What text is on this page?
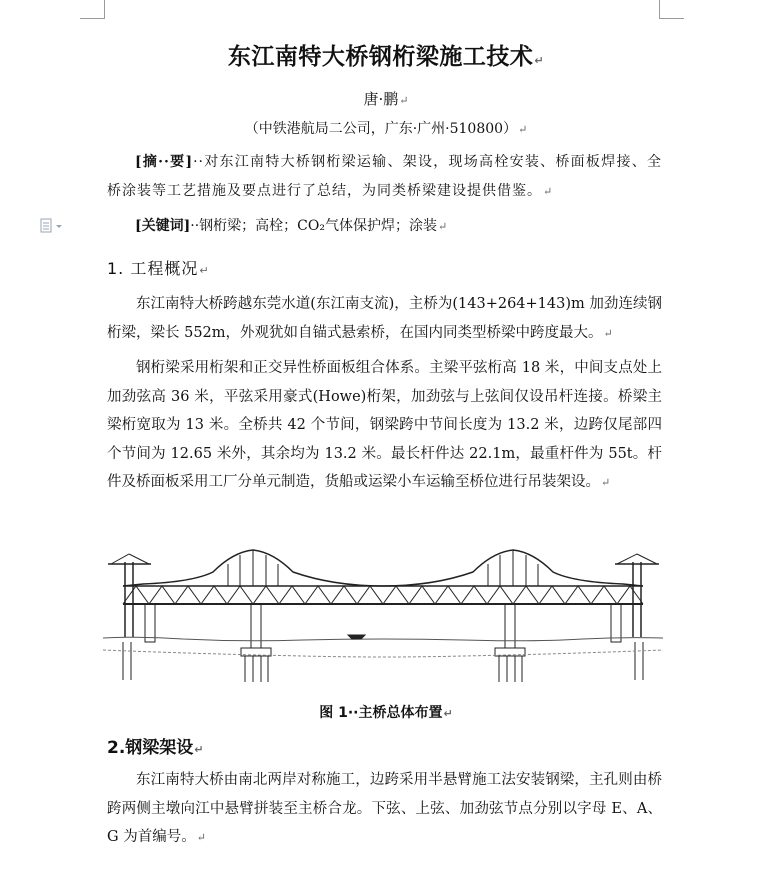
东江南特大桥钢桁梁施工技术↵
唐·鹏↵
（中铁港航局二公司，广东·广州·510800）↵
[摘··要]··对东江南特大桥钢桁梁运输、架设，现场高栓安装、桥面板焊接、全桥涂装等工艺措施及要点进行了总结，为同类桥梁建设提供借鉴。↵
[关键词]··钢桁梁；高栓；CO₂气体保护焊；涂装↵
1. 工程概况↵
东江南特大桥跨越东莞水道(东江南支流)，主桥为(143+264+143)m 加劲连续钢桁梁，梁长 552m，外观犹如自锚式悬索桥，在国内同类型桥梁中跨度最大。↵
钢桁梁采用桁架和正交异性桥面板组合体系。主梁平弦桁高 18 米，中间支点处上加劲弦高 36 米，平弦采用豪式(Howe)桁架，加劲弦与上弦间仅设吊杆连接。桥梁主梁桁宽取为 13 米。全桥共 42 个节间，钢梁跨中节间长度为 13.2 米，边跨仅尾部四个节间为 12.65 米外，其余均为 13.2 米。最长杆件达 22.1m，最重杆件为 55t。杆件及桥面板采用工厂分单元制造，货船或运梁小车运输至桥位进行吊装架设。↵
图 1··主桥总体布置↵
2.钢梁架设↵
东江南特大桥由南北两岸对称施工，边跨采用半悬臂施工法安装钢梁，主孔则由桥跨两侧主墩向江中悬臂拼装至主桥合龙。下弦、上弦、加劲弦节点分别以字母 E、A、G 为首编号。↵
